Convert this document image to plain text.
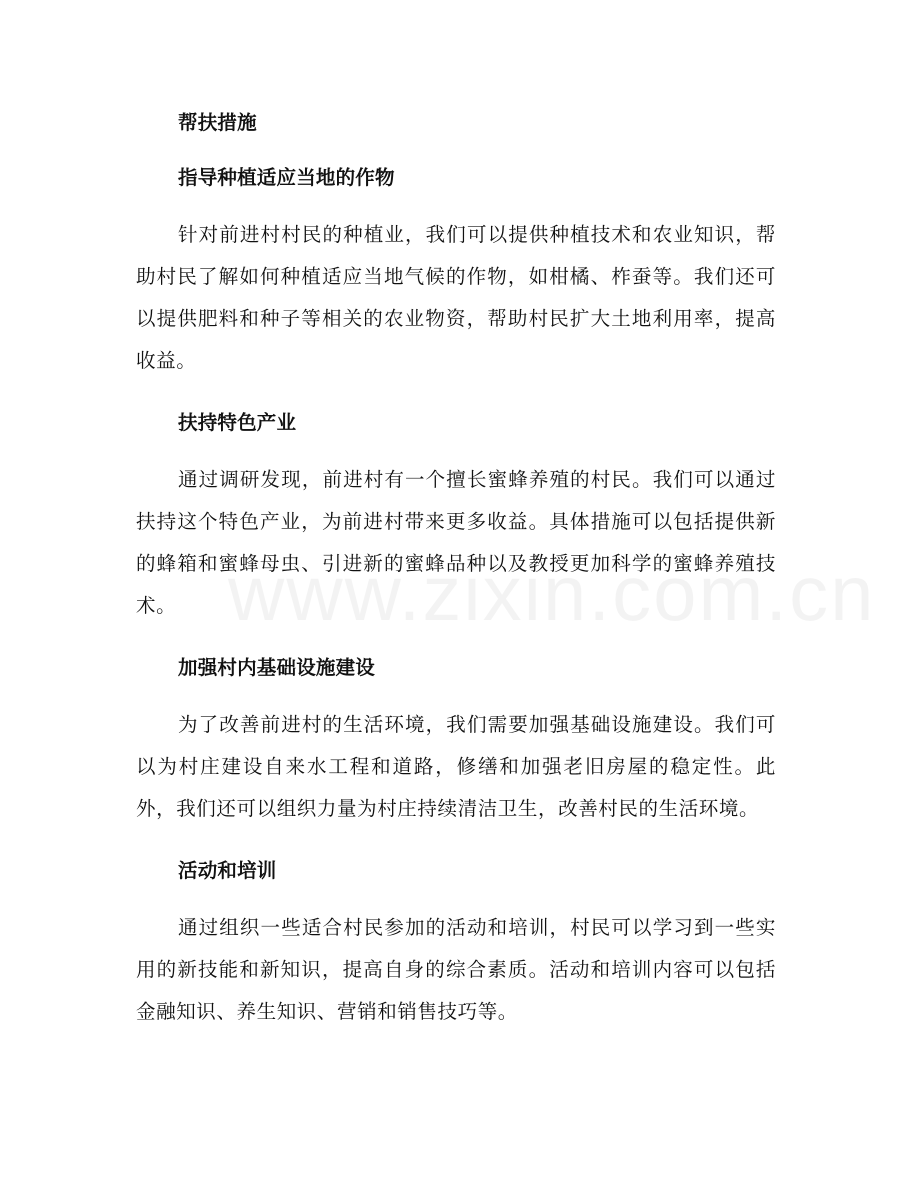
帮扶措施
指导种植适应当地的作物

针对前进村村民的种植业，我们可以提供种植技术和农业知识，帮助村民了解如何种植适应当地气候的作物，如柑橘、柞蚕等。我们还可以提供肥料和种子等相关的农业物资，帮助村民扩大土地利用率，提高收益。

扶持特色产业

通过调研发现，前进村有一个擅长蜜蜂养殖的村民。我们可以通过扶持这个特色产业，为前进村带来更多收益。具体措施可以包括提供新的蜂箱和蜜蜂母虫、引进新的蜜蜂品种以及教授更加科学的蜜蜂养殖技术。

加强村内基础设施建设

为了改善前进村的生活环境，我们需要加强基础设施建设。我们可以为村庄建设自来水工程和道路，修缮和加强老旧房屋的稳定性。此外，我们还可以组织力量为村庄持续清洁卫生，改善村民的生活环境。

活动和培训

通过组织一些适合村民参加的活动和培训，村民可以学习到一些实用的新技能和新知识，提高自身的综合素质。活动和培训内容可以包括金融知识、养生知识、营销和销售技巧等。
